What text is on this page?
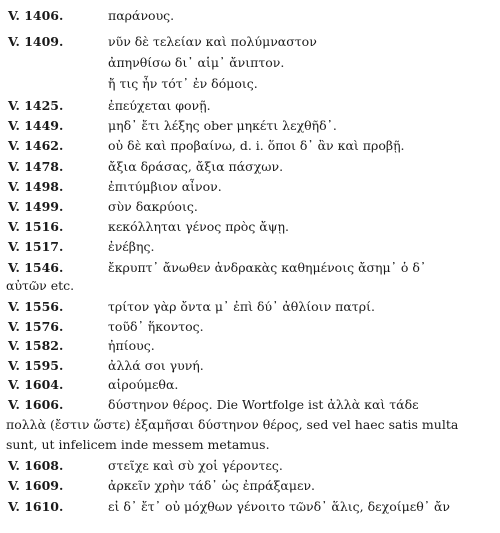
V. 1406.	παράνους.
V. 1409.	νῦν δὲ τελείαν καὶ πολύμναστον
ἀπηνθίσω δι᾽ αἱμ᾽ ἄνιπτον.
ἤ τις ἦν τότ᾽ ἐν δόμοις.
V. 1425.	ἐπεύχεται φονῇ.
V. 1449.	μηδ᾽ ἔτι λέξης ober μηκέτι λεχθῆδ᾽.
V. 1462.	οὐ δὲ καὶ προβαίνω, d. i. ὅποι δ᾽ ἂν καὶ προβῇ.
V. 1478.	ἄξια δράσας, ἄξια πάσχων.
V. 1498.	ἐπιτύμβιον αἶνον.
V. 1499.	σὺν δακρύοις.
V. 1516.	κεκόλληται γένος πρὸς ἄψῃ.
V. 1517.	ἐνέβης.
V. 1546.	ἔκρυπτ᾽ ἄνωθεν ἀνδρακὰς καθημένοις ἄσημ᾽ ὁ δ᾽
αὐτῶν etc.
V. 1556.	τρίτον γὰρ ὄντα μ᾽ ἐπὶ δύ᾽ ἀθλίοιν πατρί.
V. 1576.	τοῦδ᾽ ἥκοντος.
V. 1582.	ἠπίους.
V. 1595.	ἀλλά σοι γυνή.
V. 1604.	αἱρούμεθα.
V. 1606.	δύστηνον θέρος. Die Wortfolge ist ἀλλὰ καὶ τάδε
πολλὰ (ἔστιν ὥστε) ἐξαμῆσαι δύστηνον θέρος, sed vel haec satis multa
sunt, ut infelicem inde messem metamus.
V. 1608.	στεῖχε καὶ σὺ χοἱ γέροντες.
V. 1609.	ἀρκεῖν χρὴν τάδ᾽ ὡς ἐπράξαμεν.
V. 1610.	εἰ δ᾽ ἔτ᾽ οὐ μόχθων γένοιτο τῶνδ᾽ ἅλις, δεχοίμεθ᾽ ἄν
